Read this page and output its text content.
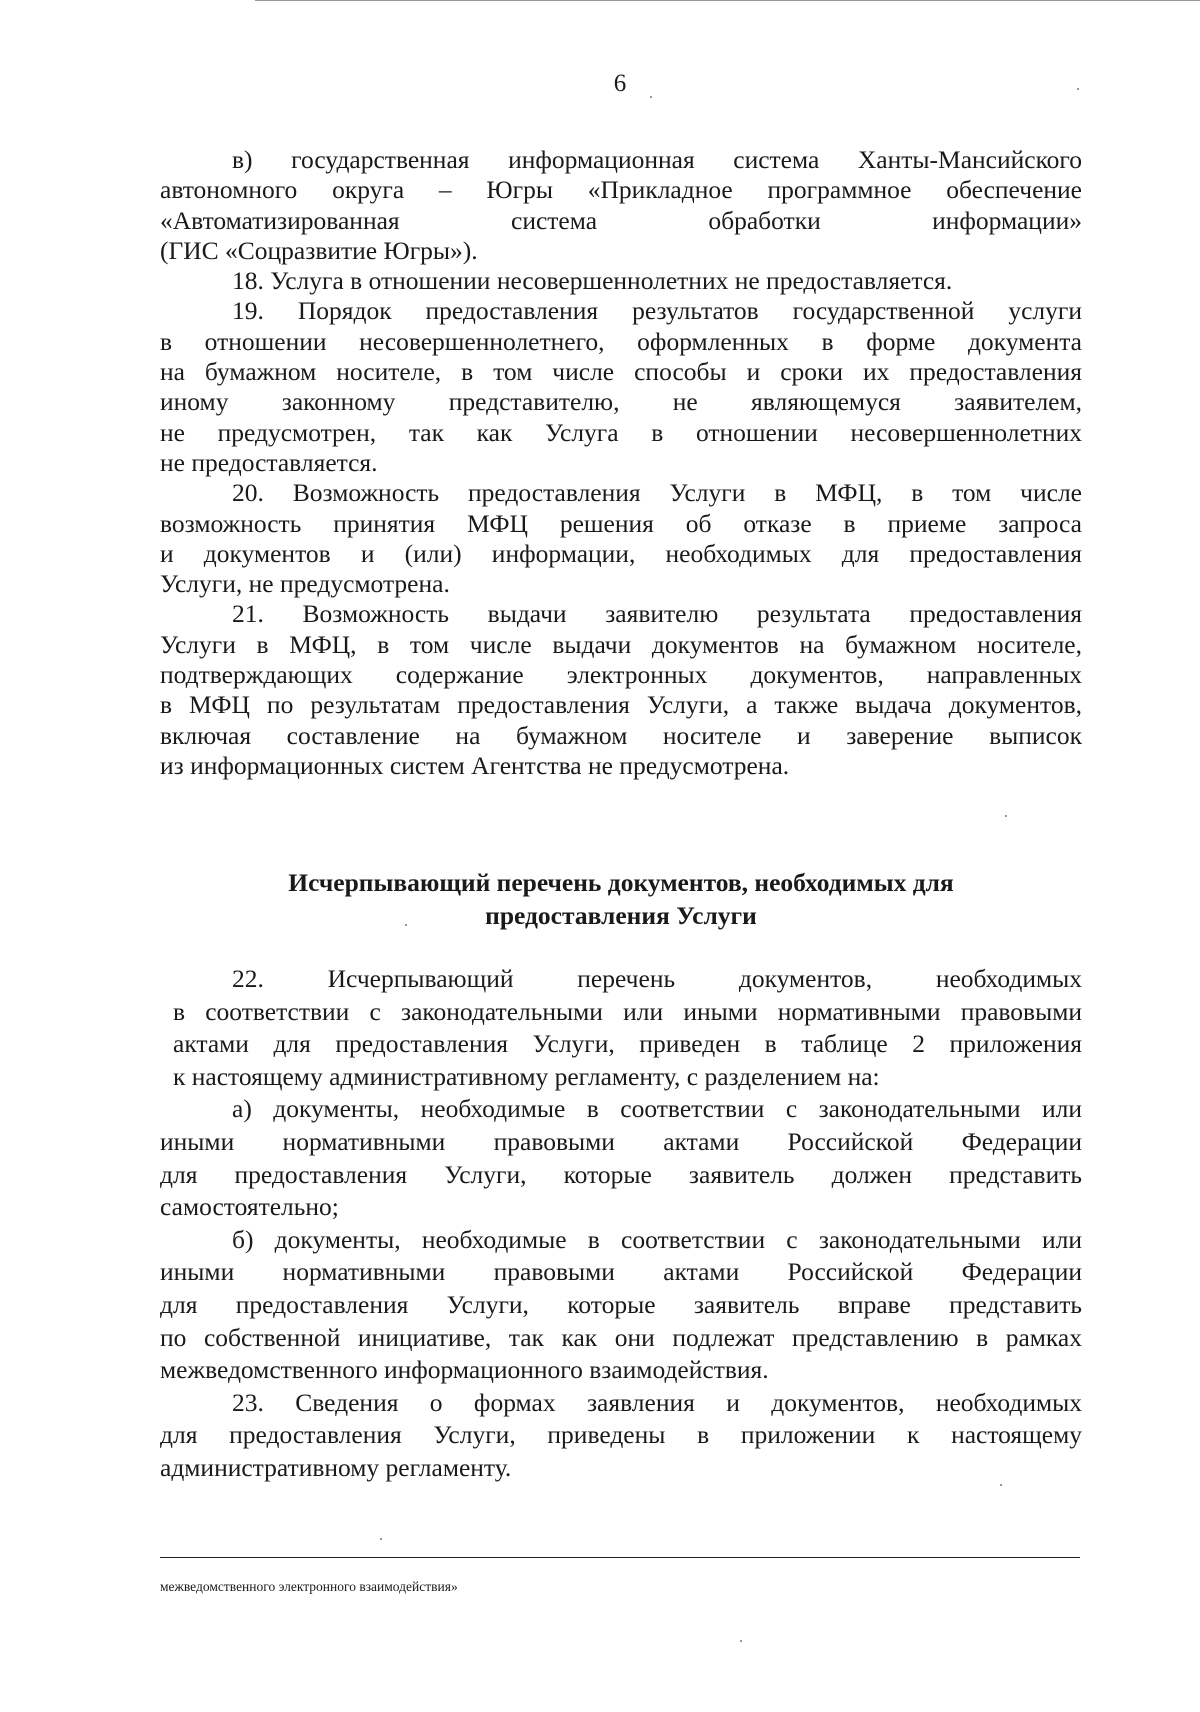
6
в) государственная информационная система Ханты-Мансийского
автономного округа – Югры «Прикладное программное обеспечение
«Автоматизированная система обработки информации»
(ГИС «Соцразвитие Югры»).
18. Услуга в отношении несовершеннолетних не предоставляется.
19. Порядок предоставления результатов государственной услуги
в отношении несовершеннолетнего, оформленных в форме документа
на бумажном носителе, в том числе способы и сроки их предоставления
иному законному представителю, не являющемуся заявителем,
не предусмотрен, так как Услуга в отношении несовершеннолетних
не предоставляется.
20. Возможность предоставления Услуги в МФЦ, в том числе
возможность принятия МФЦ решения об отказе в приеме запроса
и документов и (или) информации, необходимых для предоставления
Услуги, не предусмотрена.
21. Возможность выдачи заявителю результата предоставления
Услуги в МФЦ, в том числе выдачи документов на бумажном носителе,
подтверждающих содержание электронных документов, направленных
в МФЦ по результатам предоставления Услуги, а также выдача документов,
включая составление на бумажном носителе и заверение выписок
из информационных систем Агентства не предусмотрена.
Исчерпывающий перечень документов, необходимых для
предоставления Услуги
22. Исчерпывающий перечень документов, необходимых
в соответствии с законодательными или иными нормативными правовыми
актами для предоставления Услуги, приведен в таблице 2 приложения
к настоящему административному регламенту, с разделением на:
а) документы, необходимые в соответствии с законодательными или
иными нормативными правовыми актами Российской Федерации
для предоставления Услуги, которые заявитель должен представить
самостоятельно;
б) документы, необходимые в соответствии с законодательными или
иными нормативными правовыми актами Российской Федерации
для предоставления Услуги, которые заявитель вправе представить
по собственной инициативе, так как они подлежат представлению в рамках
межведомственного информационного взаимодействия.
23. Сведения о формах заявления и документов, необходимых
для предоставления Услуги, приведены в приложении к настоящему
административному регламенту.
межведомственного электронного взаимодействия»
